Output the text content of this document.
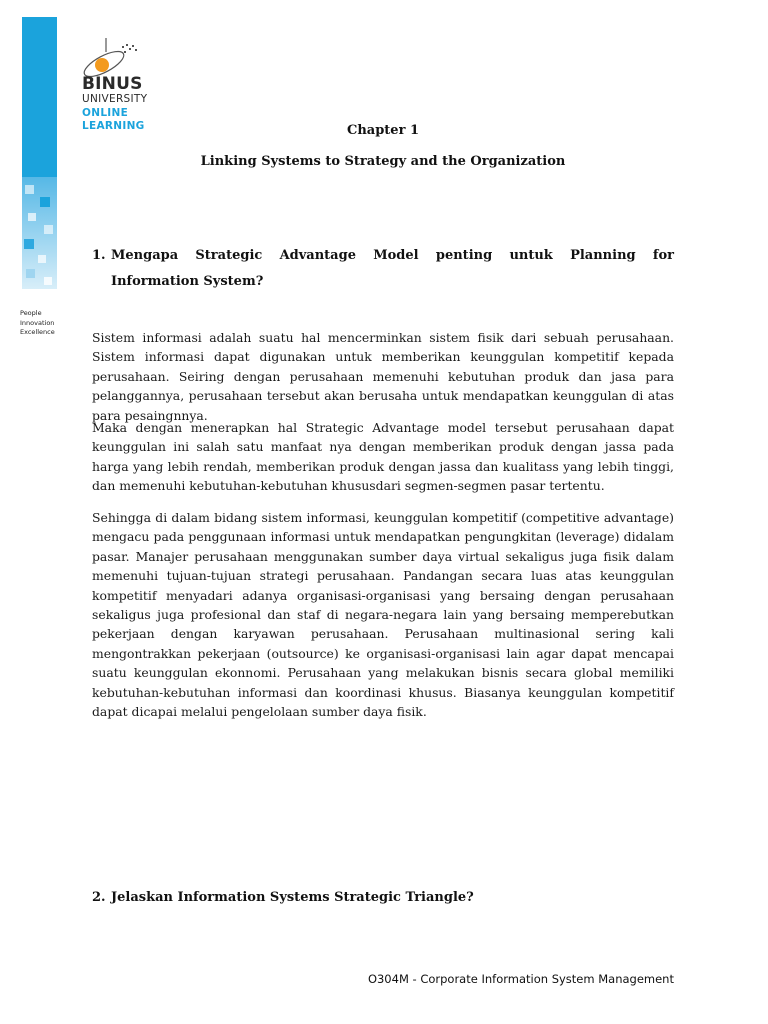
People
Innovation
Excellence
BINUS
UNIVERSITY
ONLINE
LEARNING	Chapter 1
Linking Systems to Strategy and the Organization
1. Mengapa Strategic Advantage Model penting untuk Planning for Information System?

Sistem informasi adalah suatu hal mencerminkan sistem fisik dari sebuah perusahaan. Sistem informasi dapat digunakan untuk memberikan keunggulan kompetitif kepada perusahaan. Seiring dengan perusahaan memenuhi kebutuhan produk dan jasa para pelanggannya, perusahaan tersebut akan berusaha untuk mendapatkan keunggulan di atas para pesaingnnya.

Maka dengan menerapkan hal Strategic Advantage model tersebut perusahaan dapat keunggulan ini salah satu manfaat nya dengan memberikan produk dengan jassa pada harga yang lebih rendah, memberikan produk dengan jassa dan kualitass yang lebih tinggi, dan memenuhi kebutuhan-kebutuhan khususdari segmen-segmen pasar tertentu.

Sehingga di dalam bidang sistem informasi, keunggulan kompetitif (competitive advantage) mengacu pada penggunaan informasi untuk mendapatkan pengungkitan (leverage) didalam pasar. Manajer perusahaan menggunakan sumber daya virtual sekaligus juga fisik dalam memenuhi tujuan-tujuan strategi perusahaan. Pandangan secara luas atas keunggulan kompetitif menyadari adanya organisasi-organisasi yang bersaing dengan perusahaan sekaligus juga profesional dan staf di negara-negara lain yang bersaing memperebutkan pekerjaan dengan karyawan perusahaan. Perusahaan multinasional sering kali mengontrakkan pekerjaan (outsource) ke organisasi-organisasi lain agar dapat mencapai suatu keunggulan ekonnomi. Perusahaan yang melakukan bisnis secara global memiliki kebutuhan-kebutuhan informasi dan koordinasi khusus. Biasanya keunggulan kompetitif dapat dicapai melalui pengelolaan sumber daya fisik.

2. Jelaskan Information Systems Strategic Triangle?
O304M - Corporate Information System Management
